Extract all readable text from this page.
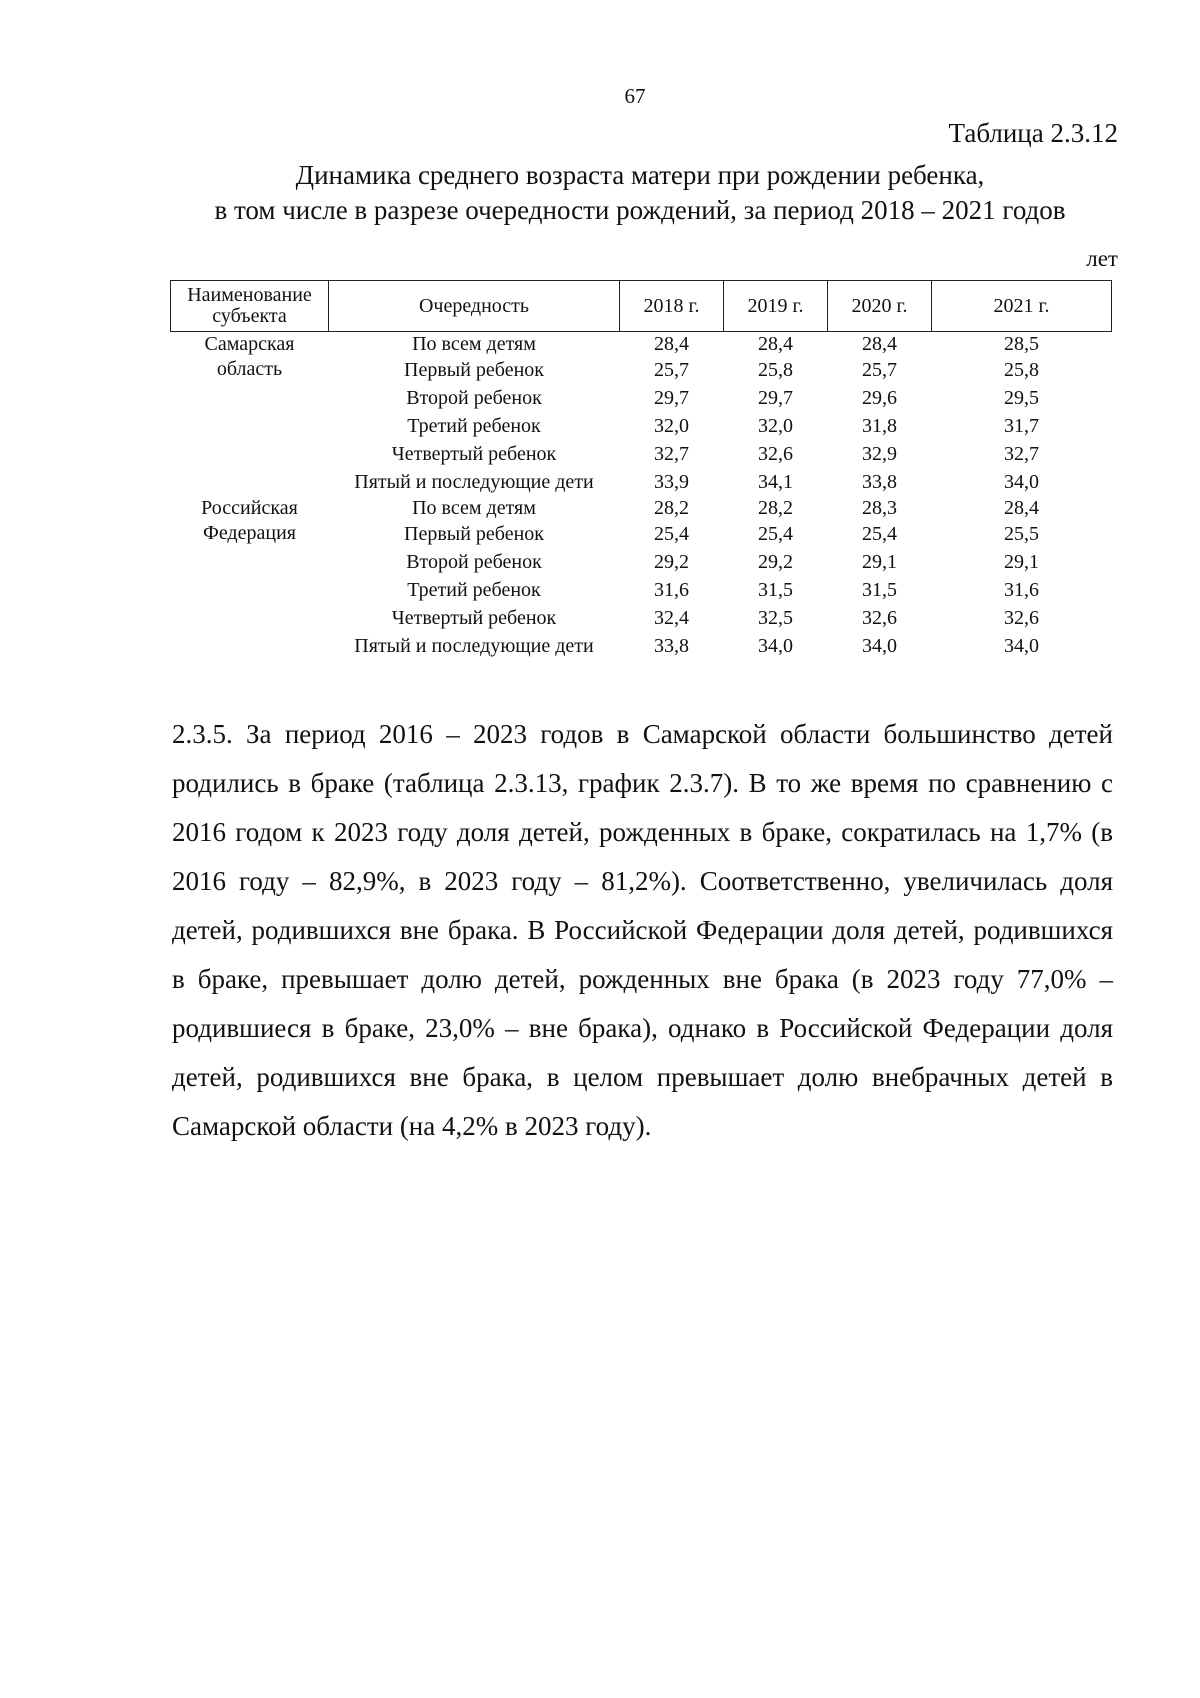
67
Таблица 2.3.12
Динамика среднего возраста матери при рождении ребенка,
в том числе в разрезе очередности рождений, за период 2018 – 2021 годов
лет
Наименование субъекта	Очередность	2018 г.	2019 г.	2020 г.	2021 г.
Самарская область	По всем детям	28,4	28,4	28,4	28,5
	Первый ребенок	25,7	25,8	25,7	25,8
	Второй ребенок	29,7	29,7	29,6	29,5
	Третий ребенок	32,0	32,0	31,8	31,7
	Четвертый ребенок	32,7	32,6	32,9	32,7
	Пятый и последующие дети	33,9	34,1	33,8	34,0
Российская Федерация	По всем детям	28,2	28,2	28,3	28,4
	Первый ребенок	25,4	25,4	25,4	25,5
	Второй ребенок	29,2	29,2	29,1	29,1
	Третий ребенок	31,6	31,5	31,5	31,6
	Четвертый ребенок	32,4	32,5	32,6	32,6
	Пятый и последующие дети	33,8	34,0	34,0	34,0

2.3.5. За период 2016 – 2023 годов в Самарской области большинство детей родились в браке (таблица 2.3.13, график 2.3.7). В то же время по сравнению с 2016 годом к 2023 году доля детей, рожденных в браке, сократилась на 1,7% (в 2016 году – 82,9%, в 2023 году – 81,2%). Соответственно, увеличилась доля детей, родившихся вне брака. В Российской Федерации доля детей, родившихся в браке, превышает долю детей, рожденных вне брака (в 2023 году 77,0% – родившиеся в браке, 23,0% – вне брака), однако в Российской Федерации доля детей, родившихся вне брака, в целом превышает долю внебрачных детей в Самарской области (на 4,2% в 2023 году).
